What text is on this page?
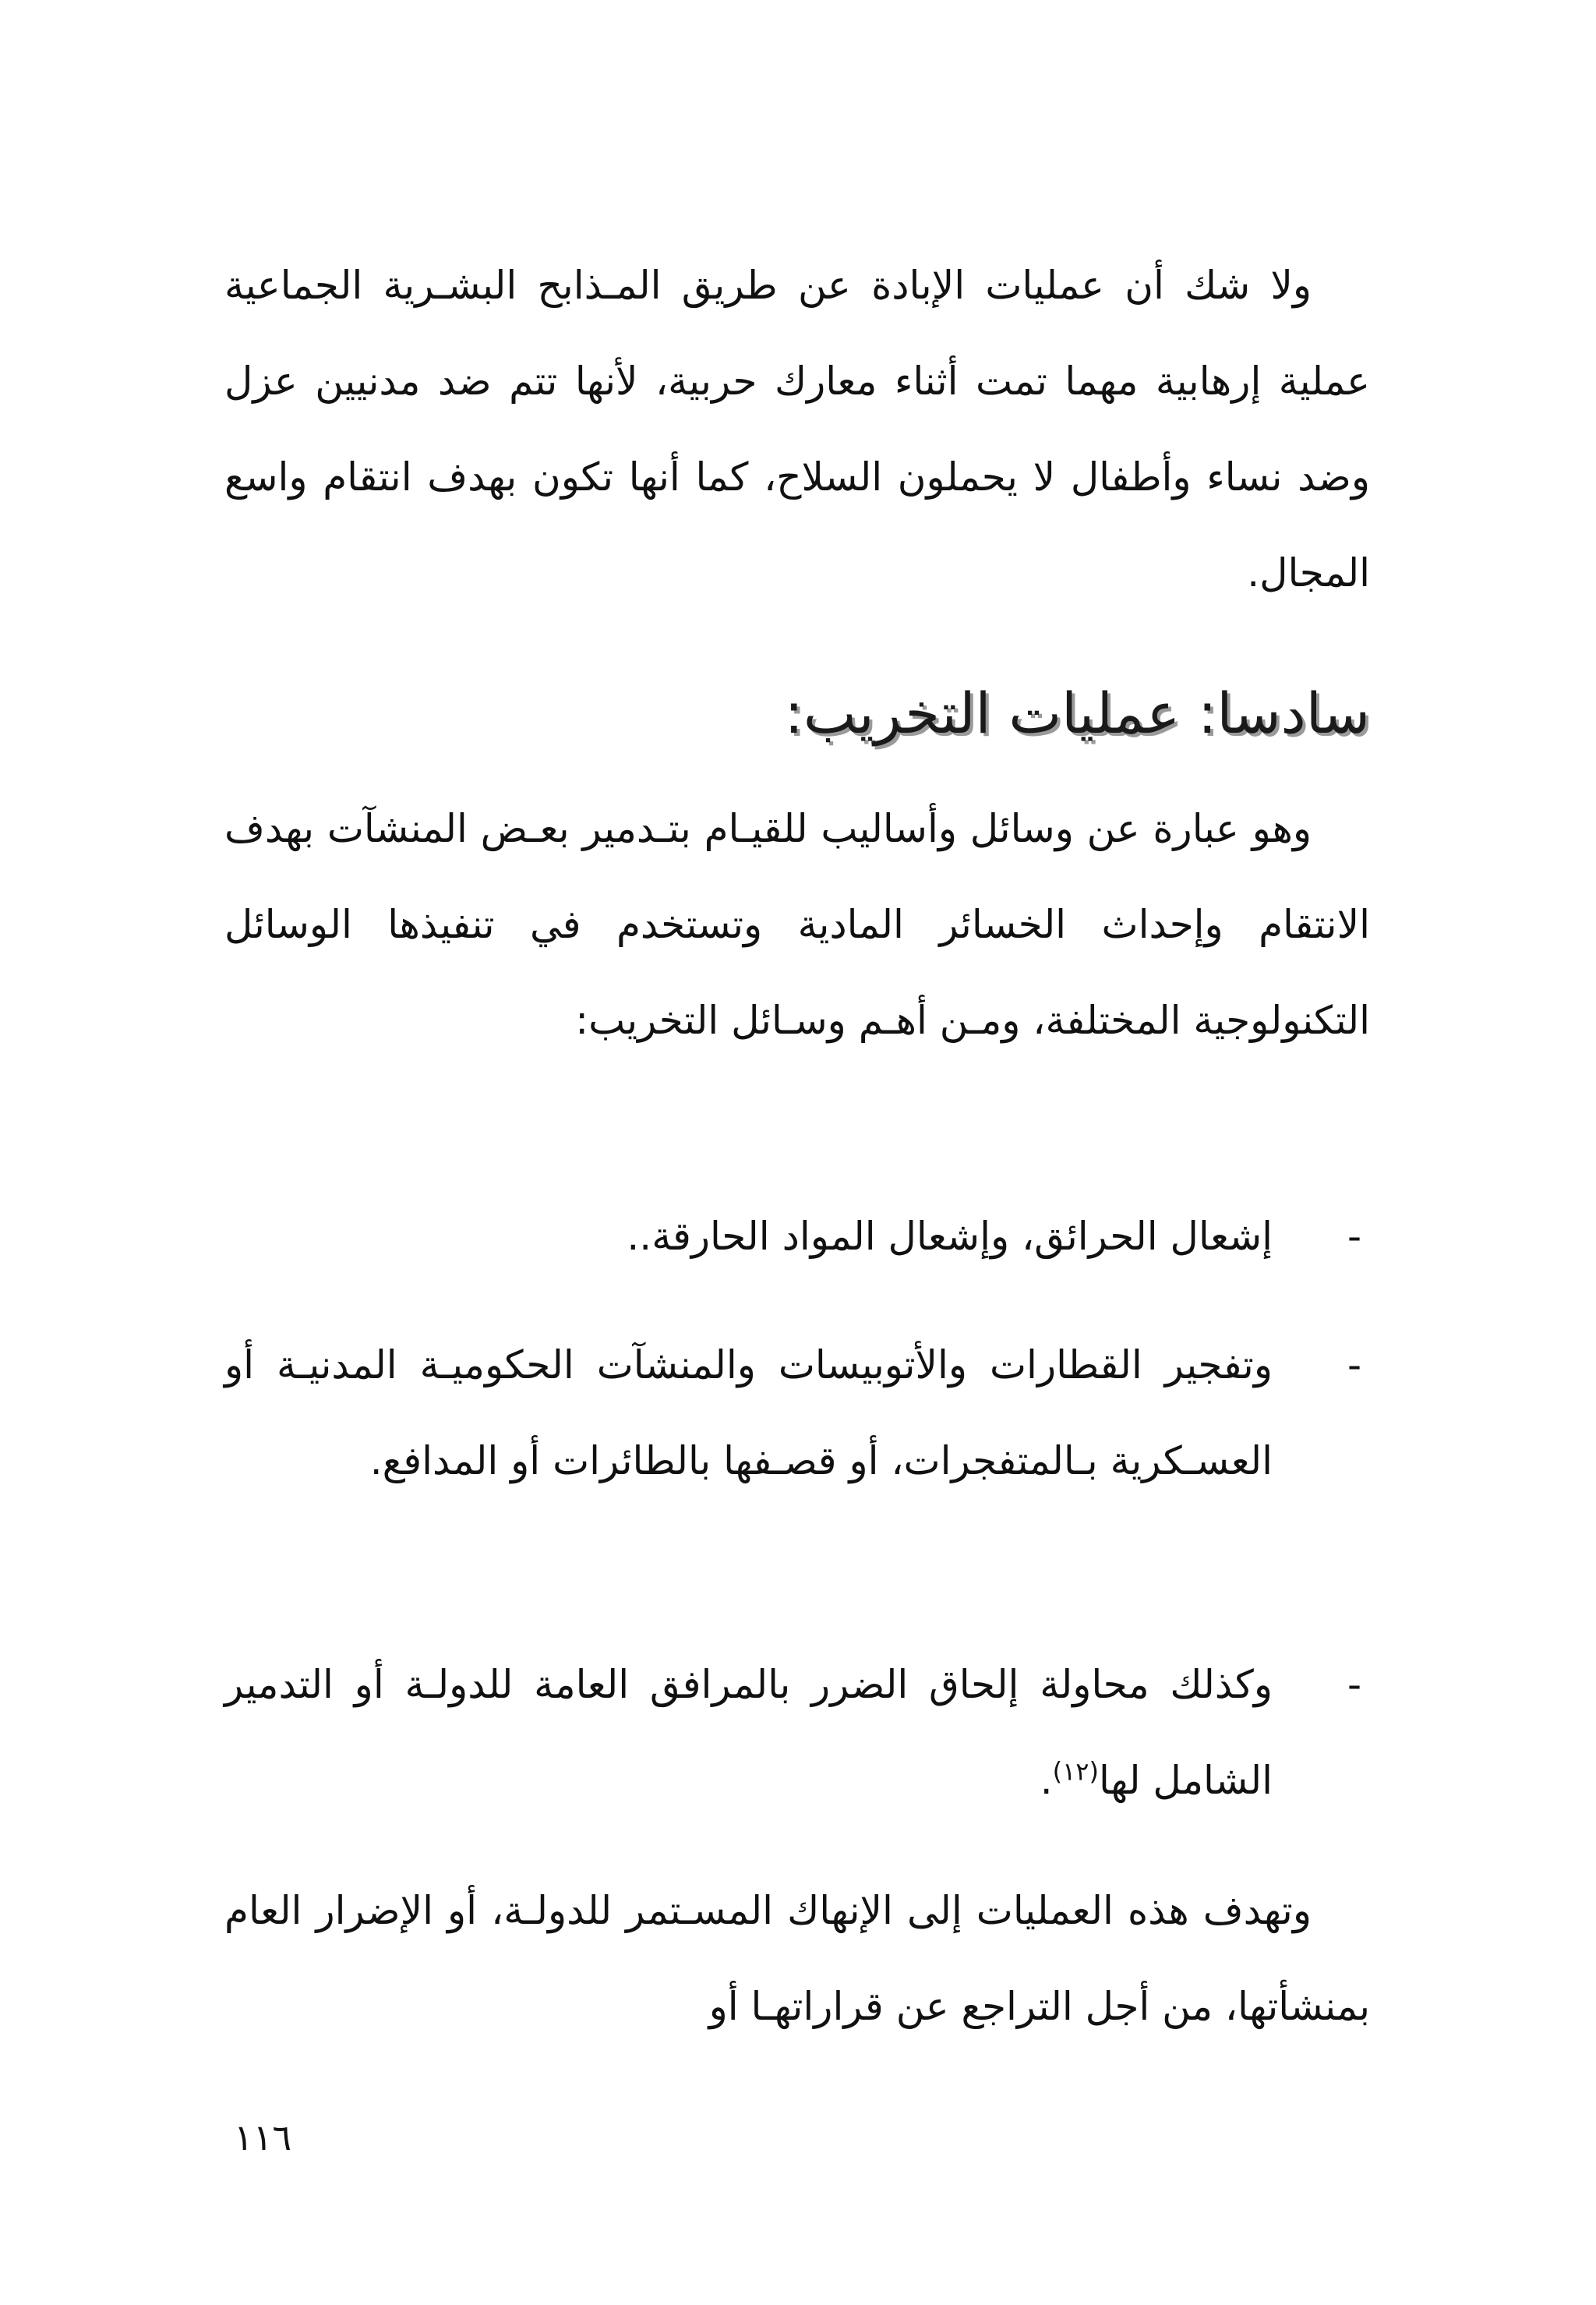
ولا شك أن عمليات الإبادة عن طريق المـذابح البشـرية الجماعية عملية إرهابية مهما تمت أثناء معارك حربية، لأنها تتم ضد مدنيين عزل وضد نساء وأطفال لا يحملون السلاح، كما أنها تكون بهدف انتقام واسع المجال.

سادسا: عمليات التخريب:

وهو عبارة عن وسائل وأساليب للقيـام بتـدمير بعـض المنشآت بهدف الانتقام وإحداث الخسائر المادية وتستخدم في تنفيذها الوسائل التكنولوجية المختلفة، ومـن أهـم وسـائل التخريب:

-
إشعال الحرائق، وإشعال المواد الحارقة..
-
وتفجير القطارات والأتوبيسات والمنشآت الحكوميـة المدنيـة أو العسـكرية بـالمتفجرات، أو قصـفها بالطائرات أو المدافع.
-
وكذلك محاولة إلحاق الضرر بالمرافق العامة للدولـة أو التدمير الشامل لها$^{(١٢)}$.

وتهدف هذه العمليات إلى الإنهاك المسـتمر للدولـة، أو الإضرار العام بمنشأتها، من أجل التراجع عن قراراتهـا أو

١١٦
